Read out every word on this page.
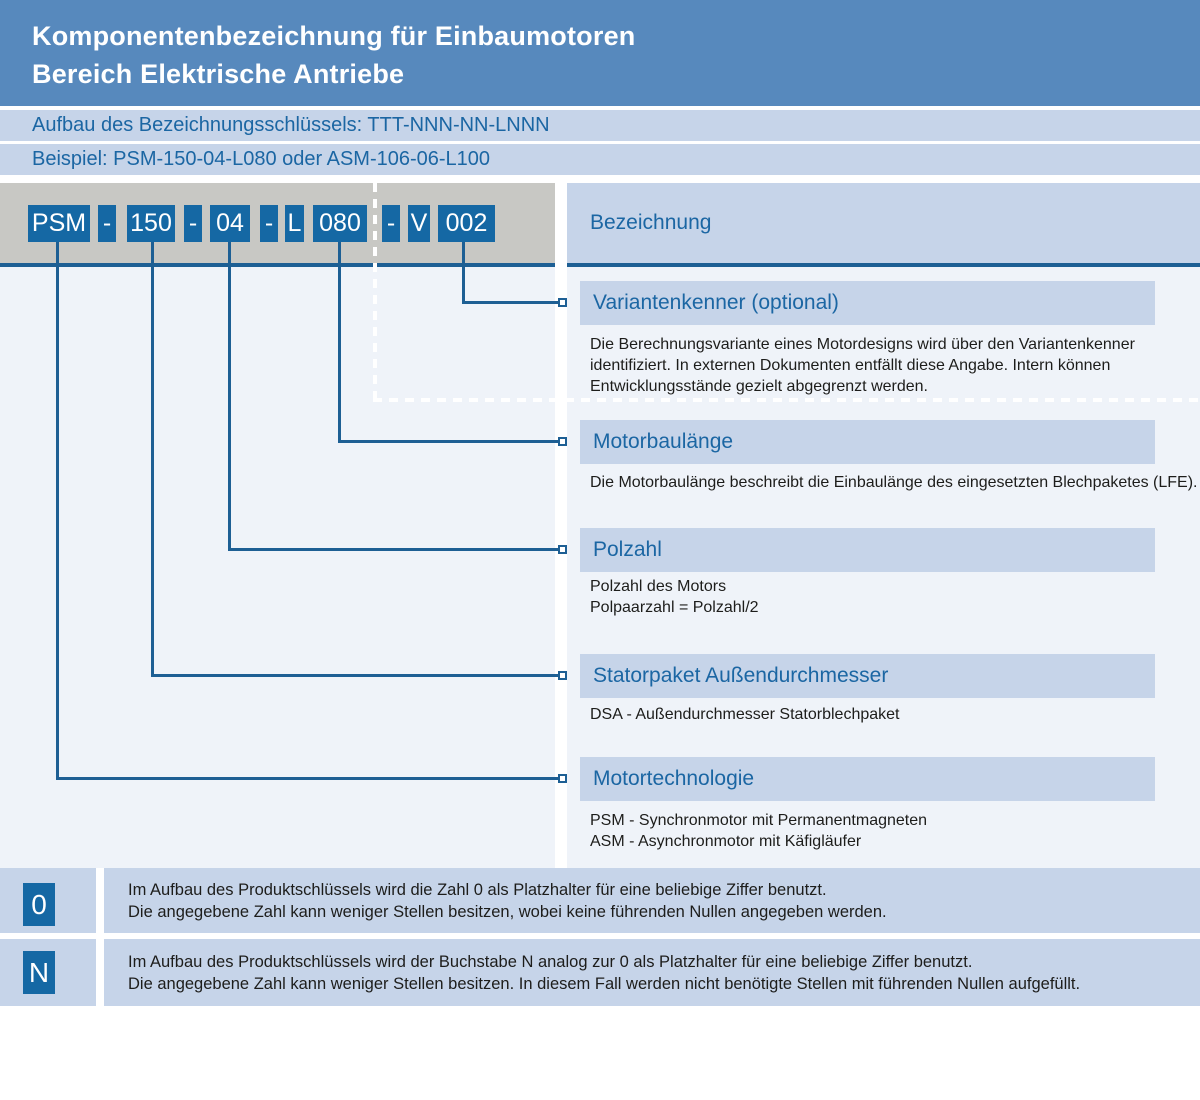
Komponentenbezeichnung für Einbaumotoren
Bereich Elektrische Antriebe
Aufbau des Bezeichnungsschlüssels: TTT-NNN-NN-LNNN
Beispiel: PSM-150-04-L080 oder ASM-106-06-L100
Bezeichnung
PSM - 150 - 04 - L 080 - V 002
Variantenkenner (optional)
Die Berechnungsvariante eines Motordesigns wird über den Variantenkenner
identifiziert. In externen Dokumenten entfällt diese Angabe. Intern können
Entwicklungsstände gezielt abgegrenzt werden.
Motorbaulänge
Die Motorbaulänge beschreibt die Einbaulänge des eingesetzten Blechpaketes (LFE).
Polzahl
Polzahl des Motors
Polpaarzahl = Polzahl/2
Statorpaket Außendurchmesser
DSA - Außendurchmesser Statorblechpaket
Motortechnologie
PSM - Synchronmotor mit Permanentmagneten
ASM - Asynchronmotor mit Käfigläufer
0	Im Aufbau des Produktschlüssels wird die Zahl 0 als Platzhalter für eine beliebige Ziffer benutzt.
Die angegebene Zahl kann weniger Stellen besitzen, wobei keine führenden Nullen angegeben werden.
N	Im Aufbau des Produktschlüssels wird der Buchstabe N analog zur 0 als Platzhalter für eine beliebige Ziffer benutzt.
Die angegebene Zahl kann weniger Stellen besitzen. In diesem Fall werden nicht benötigte Stellen mit führenden Nullen aufgefüllt.
